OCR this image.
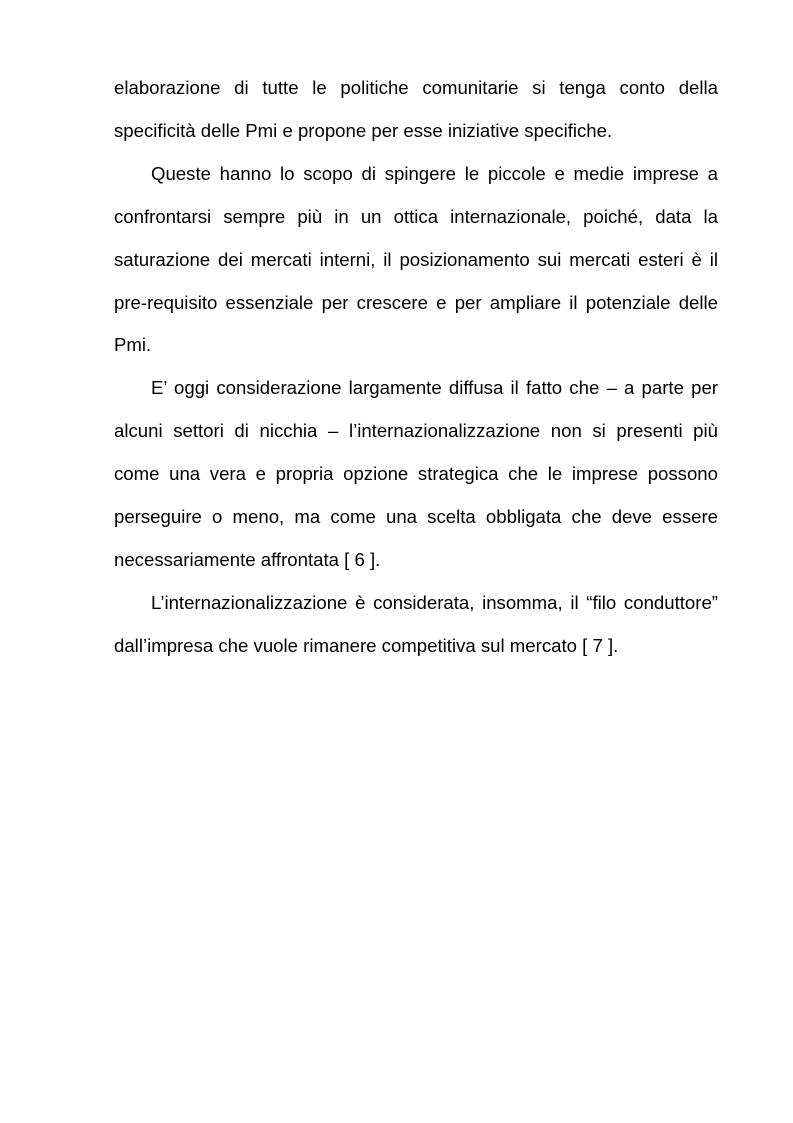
elaborazione di tutte le politiche comunitarie si tenga conto della specificità delle Pmi e propone per esse iniziative specifiche.

Queste hanno lo scopo di spingere le piccole e medie imprese a confrontarsi sempre più in un ottica internazionale, poiché, data la saturazione dei mercati interni, il posizionamento sui mercati esteri è il pre-requisito essenziale per crescere e per ampliare il potenziale delle Pmi.

E’ oggi considerazione largamente diffusa il fatto che – a parte per alcuni settori di nicchia – l’internazionalizzazione non si presenti più come una vera e propria opzione strategica che le imprese possono perseguire o meno, ma come una scelta obbligata che deve essere necessariamente affrontata [ 6 ].

L’internazionalizzazione è considerata, insomma, il “filo conduttore” dall’impresa che vuole rimanere competitiva sul mercato [ 7 ].
